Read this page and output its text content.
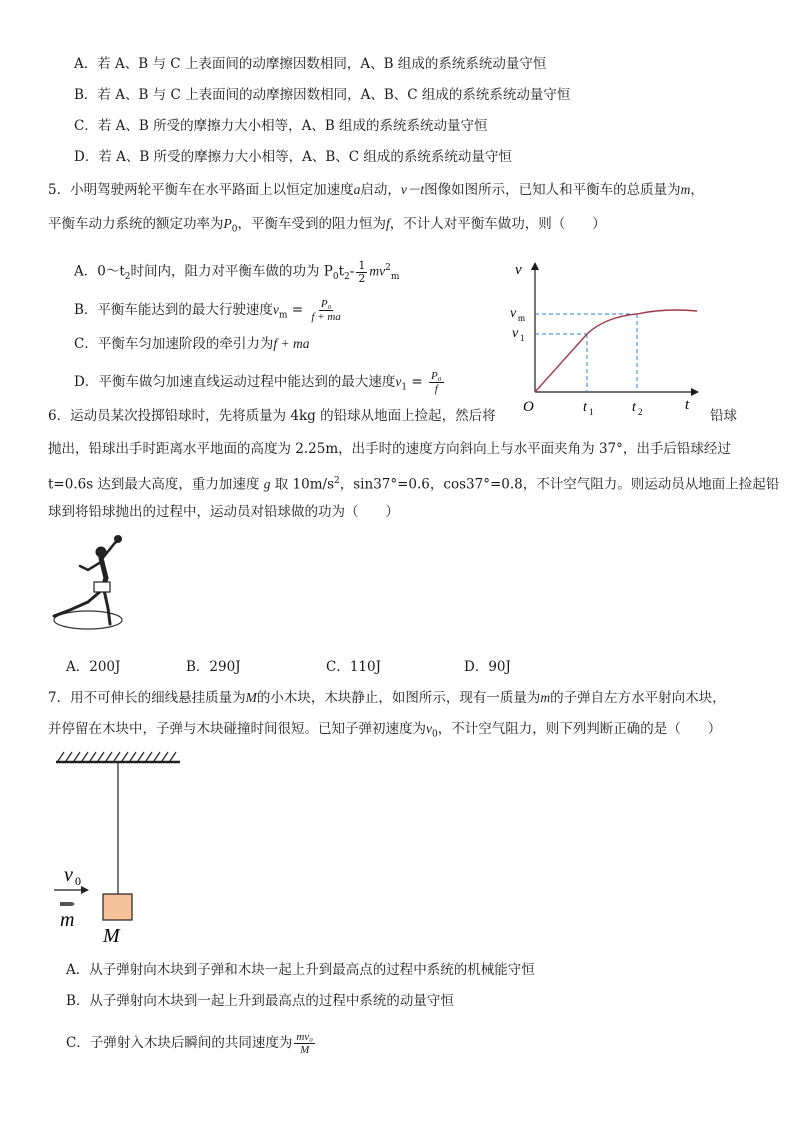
A．若 A、B 与 C 上表面间的动摩擦因数相同，A、B 组成的系统系统动量守恒
B．若 A、B 与 C 上表面间的动摩擦因数相同，A、B、C 组成的系统系统动量守恒
C．若 A、B 所受的摩擦力大小相等，A、B 组成的系统系统动量守恒
D．若 A、B 所受的摩擦力大小相等，A、B、C 组成的系统系统动量守恒
5．小明驾驶两轮平衡车在水平路面上以恒定加速度a启动，v－t图像如图所示，已知人和平衡车的总质量为m，
平衡车动力系统的额定功率为$P_0$，平衡车受到的阻力恒为f，不计人对平衡车做功，则（　　）
A．$0\sim t_2$时间内，阻力对平衡车做的功为 $P_0t_2- \frac{1}{2} mv^2_m$
B．平衡车能达到的最大行驶速度$v_m = \frac{\text{P₀}}{f + ma}$
C．平衡车匀加速阶段的牵引力为f + ma
D．平衡车做匀加速直线运动过程中能达到的最大速度$v_1 = \frac{\text{P₀}}{f}$
v
t
O
v m
v 1
t 1	t 2
6．运动员某次投掷铅球时，先将质量为 4kg 的铅球从地面上捡起，然后将	铅球
抛出，铅球出手时距离水平地面的高度为 2.25m，出手时的速度方向斜向上与水平面夹角为 37°，出手后铅球经过
t=0.6s 达到最大高度，重力加速度 g 取 $10m/s^2$，sin37°=0.6，cos37°=0.8，不计空气阻力。则运动员从地面上捡起铅
球到将铅球抛出的过程中，运动员对铅球做的功为（　　）
A．200J	B．290J	C．110J	D．90J
7．用不可伸长的细线悬挂质量为M的小木块，木块静止，如图所示，现有一质量为m的子弹自左方水平射向木块，
并停留在木块中，子弹与木块碰撞时间很短。已知子弹初速度为$v_0$，不计空气阻力，则下列判断正确的是（　　）
v 0
m
M
A．从子弹射向木块到子弹和木块一起上升到最高点的过程中系统的机械能守恒
B．从子弹射向木块到一起上升到最高点的过程中系统的动量守恒
C．子弹射入木块后瞬间的共同速度为 $\frac{\text{mv₀}}{M}$
